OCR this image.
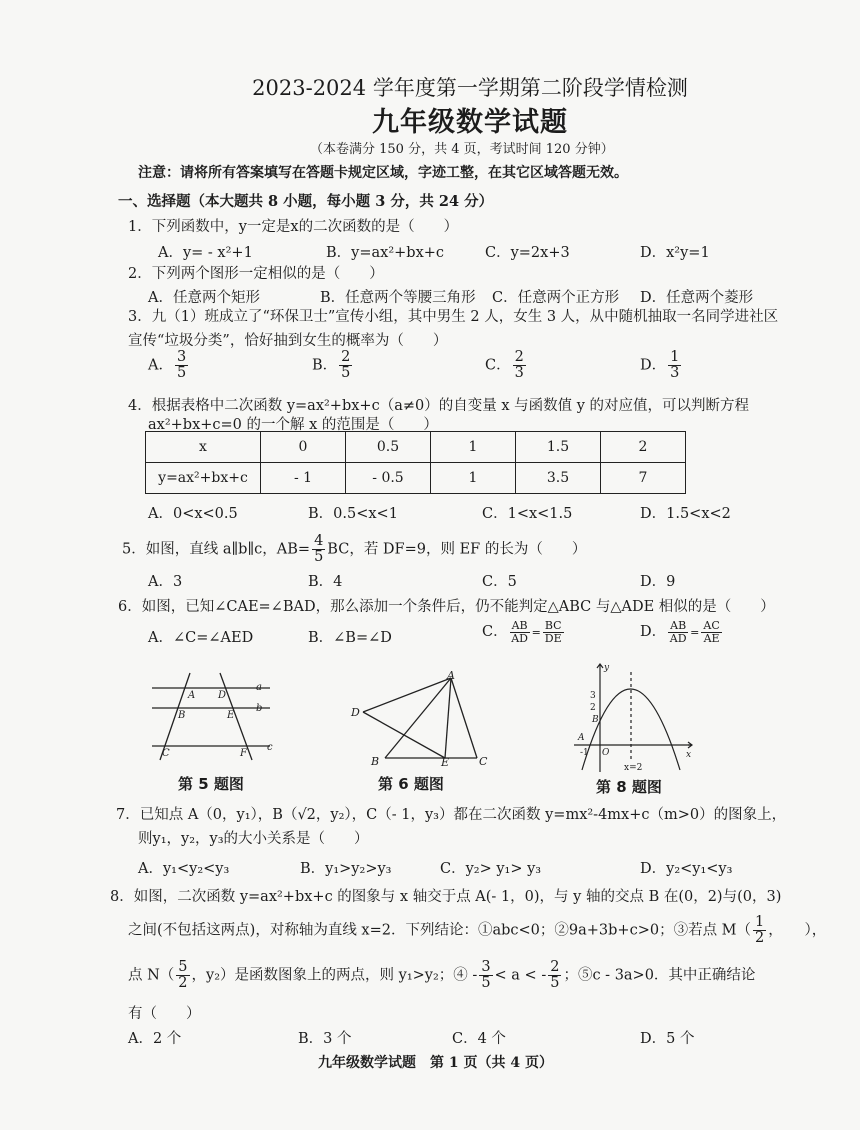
2023-2024 学年度第一学期第二阶段学情检测
九年级数学试题
（本卷满分 150 分，共 4 页，考试时间 120 分钟）
注意：请将所有答案填写在答题卡规定区域，字迹工整，在其它区域答题无效。
一、选择题（本大题共 8 小题，每小题 3 分，共 24 分）
1．下列函数中，y一定是x的二次函数的是（　　）
A．y= - x²+1	B．y=ax²+bx+c	C．y=2x+3	D．x²y=1
2．下列两个图形一定相似的是（　　）
A．任意两个矩形	B．任意两个等腰三角形 C．任意两个正方形 D．任意两个菱形
3．九（1）班成立了“环保卫士”宣传小组，其中男生 2 人，女生 3 人，从中随机抽取一名同学进社区
宣传“垃圾分类”，恰好抽到女生的概率为（　　）
A． $\frac{3}{5}$	B． $\frac{2}{5}$	C． $\frac{2}{3}$	D． $\frac{1}{3}$
4．根据表格中二次函数 y=ax²+bx+c（a≠0）的自变量 x 与函数值 y 的对应值，可以判断方程
ax²+bx+c=0 的一个解 x 的范围是（　　）
x	0	0.5	1	1.5	2
y=ax²+bx+c	- 1	- 0.5	1	3.5	7
A．0<x<0.5	B．0.5<x<1	C．1<x<1.5	D．1.5<x<2
5．如图，直线 a∥b∥c，$AB= \frac{4}{5}$ BC，若 DF=9，则 EF 的长为（　　）
A．3	B．4	C．5	D．9
6．如图，已知∠CAE=∠BAD，那么添加一个条件后，仍不能判定△ABC 与△ADE 相似的是（　　）
A．∠C=∠AED	B．∠B=∠D	C． $\frac{AB}{AD} = \frac{BC}{DE}$	D． $\frac{AB}{AD} = \frac{AC}{AE}$
A D
B	E
C	F
a
b
c
第 5 题图
A
B	C
D
E
第 6 题图
y
x
O
-1
3
2
B
A
x=2
第 8 题图
7．已知点 A（0，y₁），B（√2，y₂），C（- 1，y₃）都在二次函数 y=mx²-4mx+c（m>0）的图象上，
则y₁，y₂，y₃的大小关系是（　　）
A．y₁<y₂<y₃	B．y₁>y₂>y₃	C．y₂> y₁> y₃	D．y₂<y₁<y₃
8．如图，二次函数 y=ax²+bx+c 的图象与 x 轴交于点 A(- 1，0)，与 y 轴的交点 B 在(0，2)与(0，3)
之间(不包括这两点)，对称轴为直线 x=2．下列结论：①abc<0；②9a+3b+c>0；③若点 $M( \frac{1}{2}$ ，　　），
点 $N( \frac{5}{2}$ ，y₂）是函数图象上的两点，则 y₁>y₂；④ - $\frac{3}{5} < a$ < - $\frac{2}{5}$ ；⑤c - 3a>0．其中正确结论
有（　　）
A．2 个	B．3 个	C．4 个	D．5 个
九年级数学试题　第 1 页（共 4 页）
